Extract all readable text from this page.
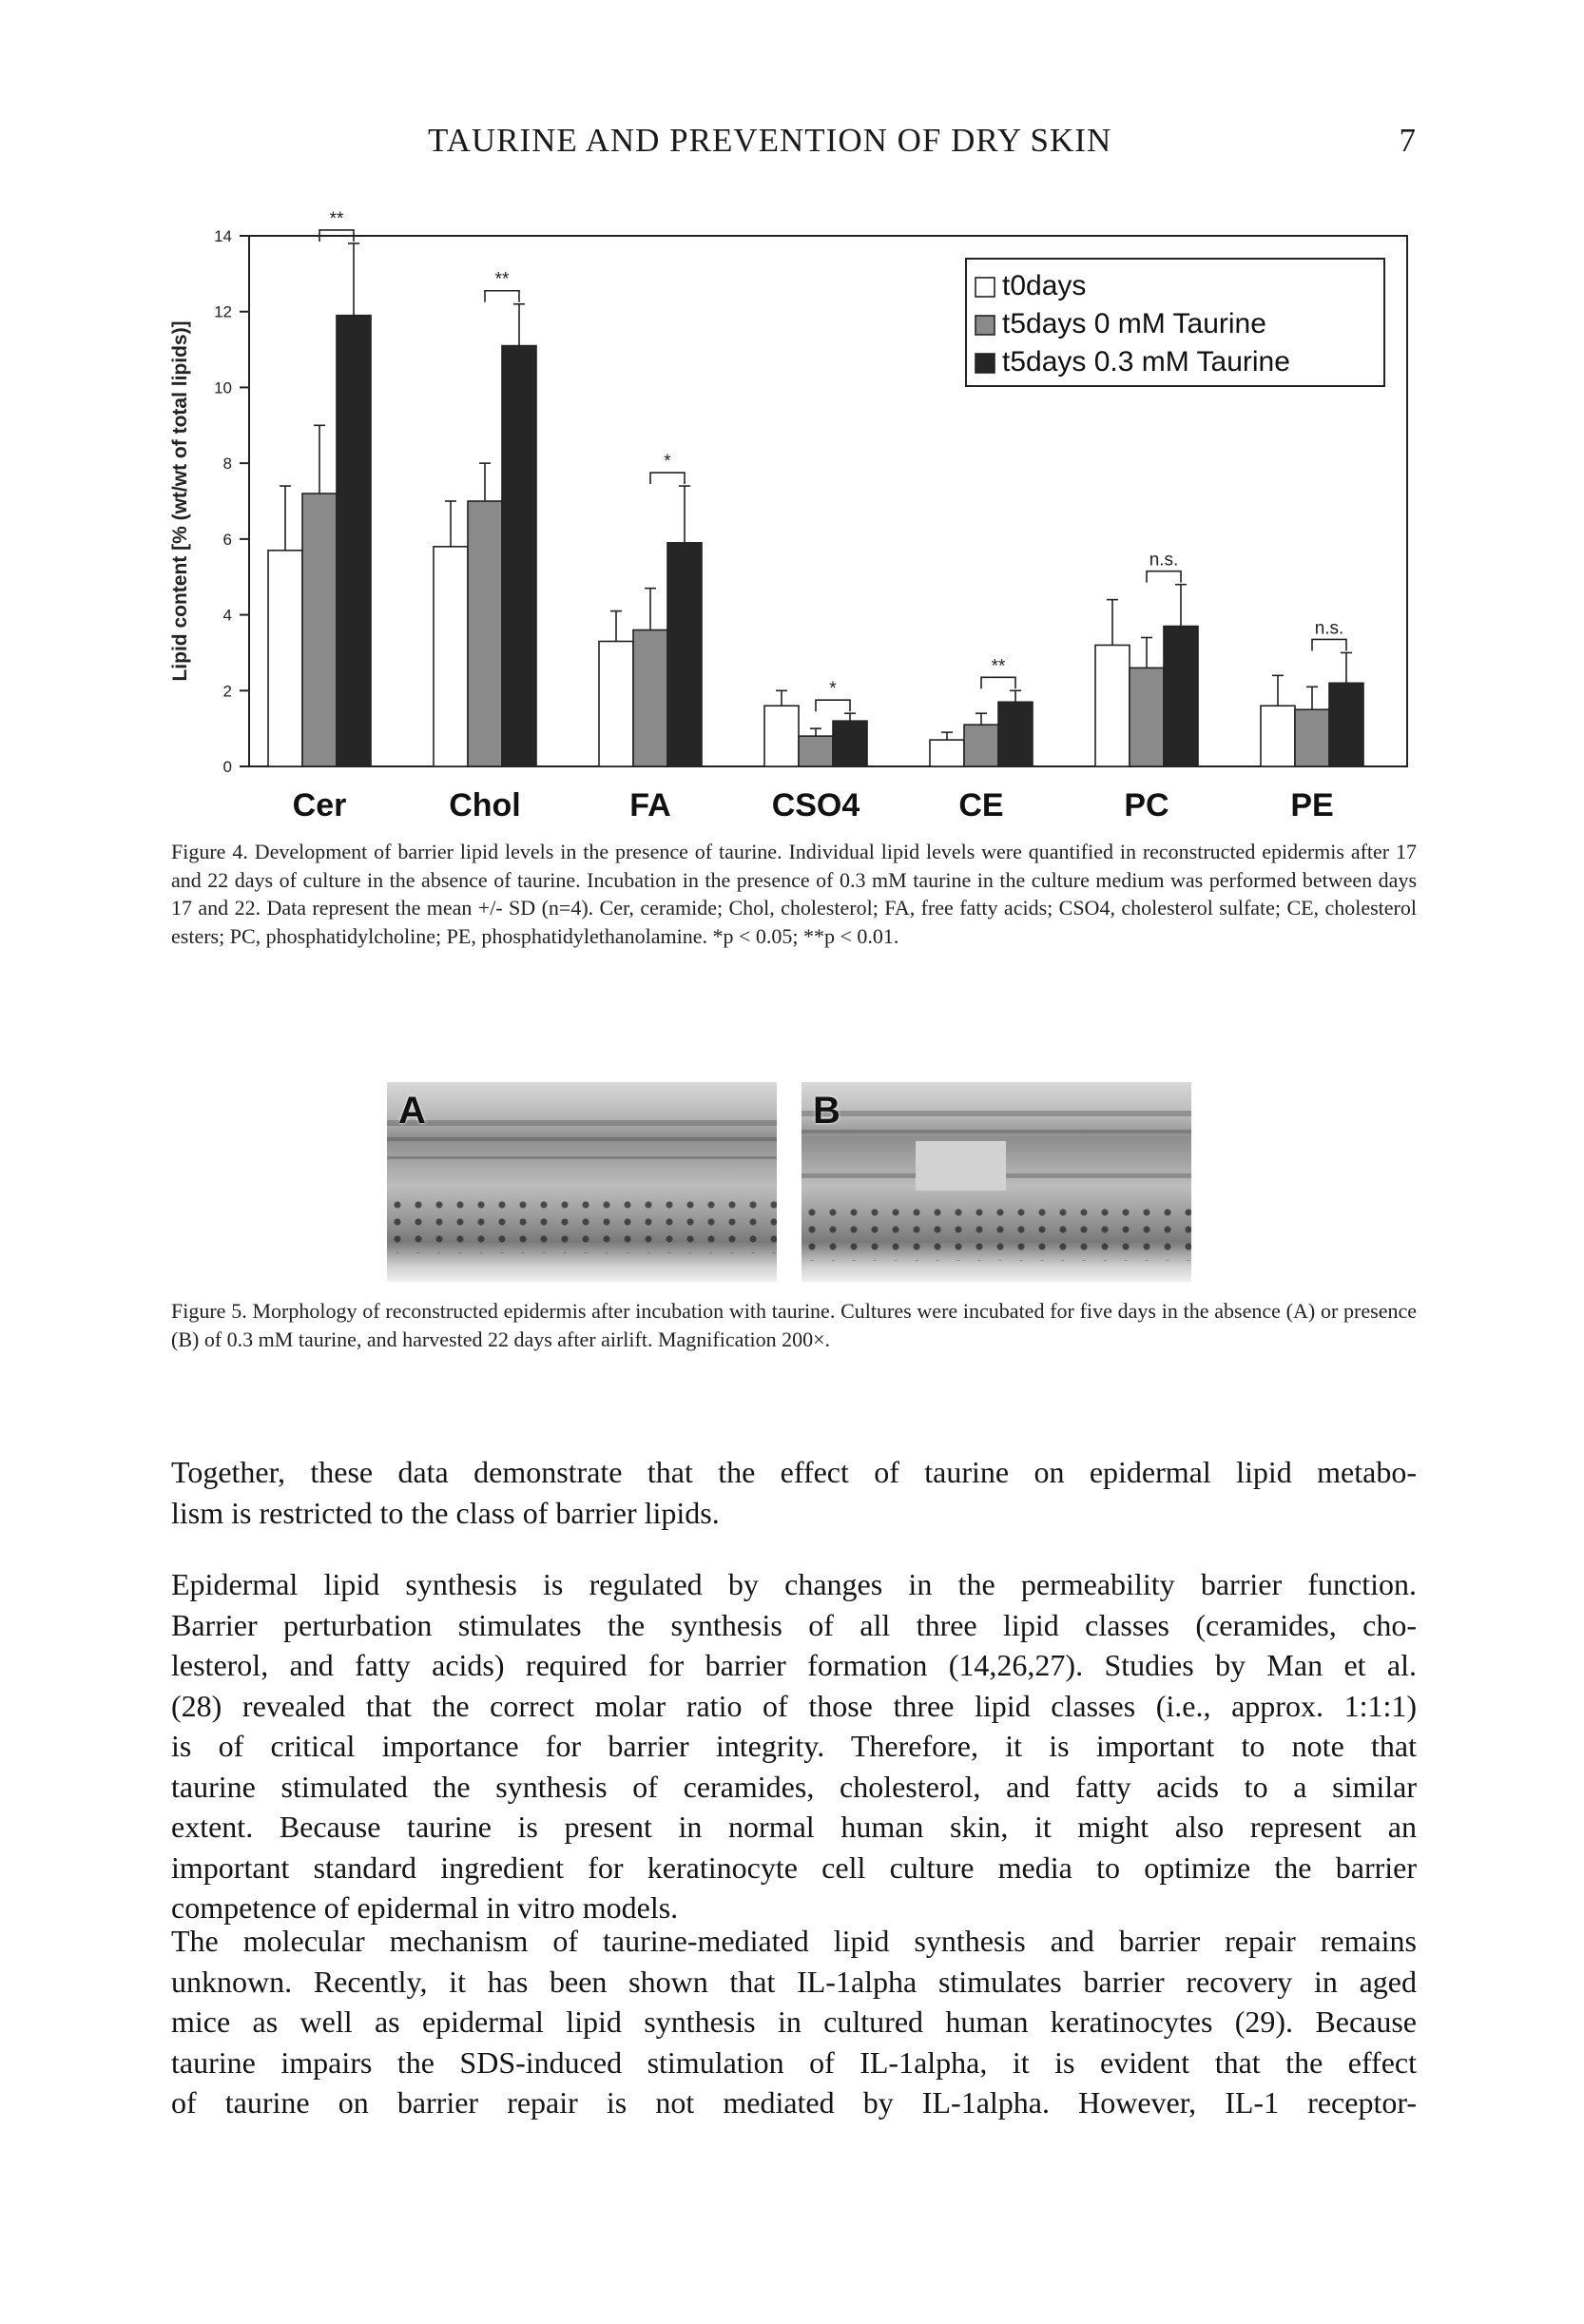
TAURINE AND PREVENTION OF DRY SKIN	7
0
2
4
6
8
10
12
14
Lipid content [% (wt/wt of total lipids)]
**
Cer
**
Chol
*
FA
*
CSO4
**
CE
n.s.
PC
n.s.
PE
t0days
t5days 0 mM Taurine
t5days 0.3 mM Taurine

Figure 4. Development of barrier lipid levels in the presence of taurine. Individual lipid levels were quantified in reconstructed epidermis after 17 and 22 days of culture in the absence of taurine. Incubation in the presence of 0.3 mM taurine in the culture medium was performed between days 17 and 22. Data represent the mean +/- SD (n=4). Cer, ceramide; Chol, cholesterol; FA, free fatty acids; CSO4, cholesterol sulfate; CE, cholesterol esters; PC, phosphatidylcholine; PE, phosphatidylethanolamine. *p < 0.05; **p < 0.01.

A	B

Figure 5. Morphology of reconstructed epidermis after incubation with taurine. Cultures were incubated for five days in the absence (A) or presence (B) of 0.3 mM taurine, and harvested 22 days after airlift. Magnification 200×.

Together, these data demonstrate that the effect of taurine on epidermal lipid metabo-
lism is restricted to the class of barrier lipids.
Epidermal lipid synthesis is regulated by changes in the permeability barrier function.
Barrier perturbation stimulates the synthesis of all three lipid classes (ceramides, cho-
lesterol, and fatty acids) required for barrier formation (14,26,27). Studies by Man et al.
(28) revealed that the correct molar ratio of those three lipid classes (i.e., approx. 1:1:1)
is of critical importance for barrier integrity. Therefore, it is important to note that
taurine stimulated the synthesis of ceramides, cholesterol, and fatty acids to a similar
extent. Because taurine is present in normal human skin, it might also represent an
important standard ingredient for keratinocyte cell culture media to optimize the barrier
competence of epidermal in vitro models.
The molecular mechanism of taurine-mediated lipid synthesis and barrier repair remains
unknown. Recently, it has been shown that IL-1alpha stimulates barrier recovery in aged
mice as well as epidermal lipid synthesis in cultured human keratinocytes (29). Because
taurine impairs the SDS-induced stimulation of IL-1alpha, it is evident that the effect
of taurine on barrier repair is not mediated by IL-1alpha. However, IL-1 receptor-
